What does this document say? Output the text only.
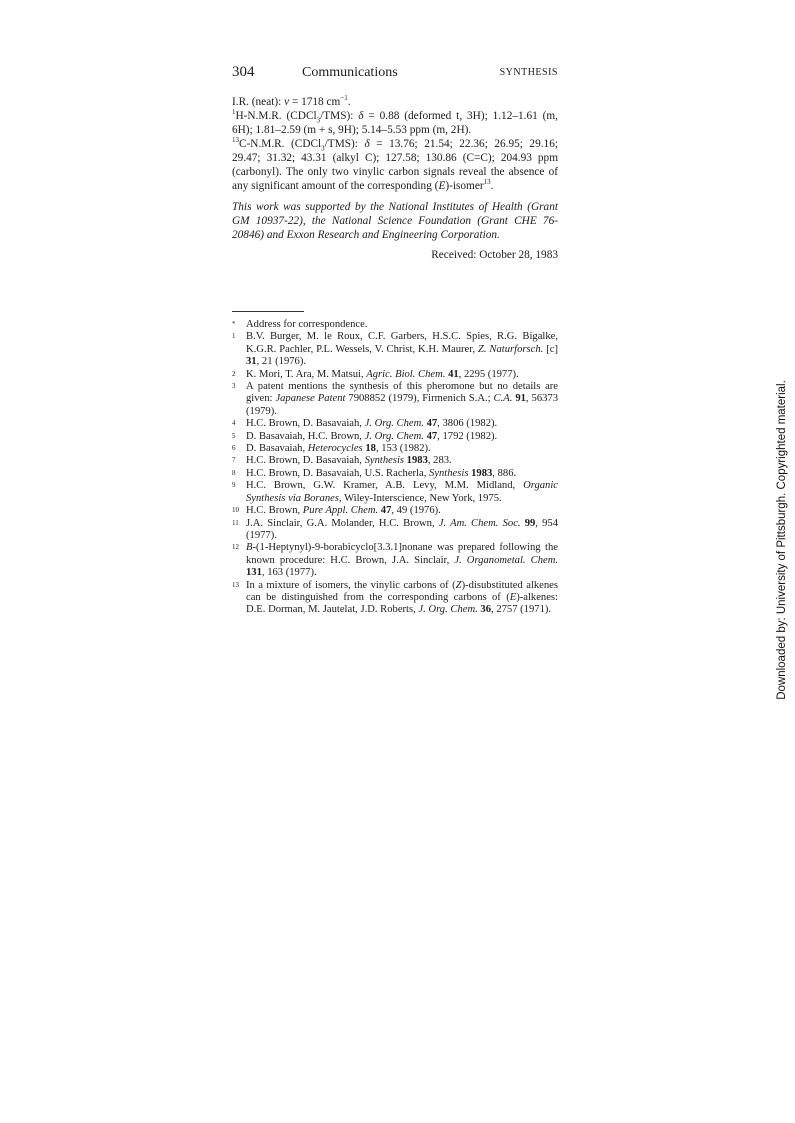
304	Communications	SYNTHESIS

I.R. (neat): v = 1718 $cm^{-1}$.

$^1$H-N.M.R. (CDCl$_3$/TMS): δ = 0.88 (deformed t, 3H); 1.12–1.61 (m, 6H); 1.81–2.59 (m + s, 9H); 5.14–5.53 ppm (m, 2H).

$^{13}$C-N.M.R. (CDCl$_3$/TMS): δ = 13.76; 21.54; 22.36; 26.95; 29.16; 29.47; 31.32; 43.31 (alkyl C); 127.58; 130.86 (C=C); 204.93 ppm (carbonyl). The only two vinylic carbon signals reveal the absence of any significant amount of the corresponding (E)-isomer$^{13}$.

This work was supported by the National Institutes of Health (Grant GM 10937-22), the National Science Foundation (Grant CHE 76-20846) and Exxon Research and Engineering Corporation.

Received: October 28, 1983

* Address for correspondence.
1 B.V. Burger, M. le Roux, C.F. Garbers, H.S.C. Spies, R.G. Bigalke, K.G.R. Pachler, P.L. Wessels, V. Christ, K.H. Maurer, Z. Naturforsch. [c] 31, 21 (1976).
2 K. Mori, T. Ara, M. Matsui, Agric. Biol. Chem. 41, 2295 (1977).
3 A patent mentions the synthesis of this pheromone but no details are given: Japanese Patent 7908852 (1979), Firmenich S.A.; C.A. 91, 56373 (1979).
4 H.C. Brown, D. Basavaiah, J. Org. Chem. 47, 3806 (1982).
5 D. Basavaiah, H.C. Brown, J. Org. Chem. 47, 1792 (1982).
6 D. Basavaiah, Heterocycles 18, 153 (1982).
7 H.C. Brown, D. Basavaiah, Synthesis 1983, 283.
8 H.C. Brown, D. Basavaiah, U.S. Racherla, Synthesis 1983, 886.
9 H.C. Brown, G.W. Kramer, A.B. Levy, M.M. Midland, Organic Synthesis via Boranes, Wiley-Interscience, New York, 1975.
10 H.C. Brown, Pure Appl. Chem. 47, 49 (1976).
11 J.A. Sinclair, G.A. Molander, H.C. Brown, J. Am. Chem. Soc. 99, 954 (1977).
12 B-(1-Heptynyl)-9-borabicyclo[3.3.1]nonane was prepared following the known procedure: H.C. Brown, J.A. Sinclair, J. Organometal. Chem. 131, 163 (1977).
13 In a mixture of isomers, the vinylic carbons of (Z)-disubstituted alkenes can be distinguished from the corresponding carbons of (E)-alkenes: D.E. Dorman, M. Jautelat, J.D. Roberts, J. Org. Chem. 36, 2757 (1971).	Downloaded by: University of Pittsburgh. Copyrighted material.
